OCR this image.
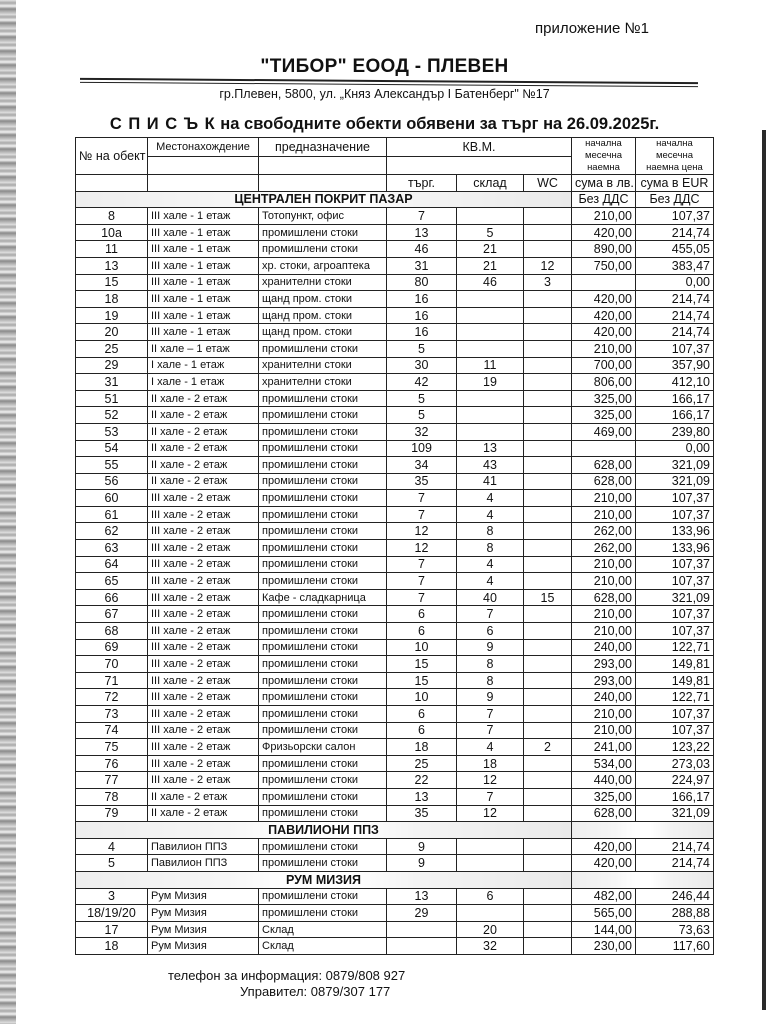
приложение №1
"ТИБОР" ЕООД - ПЛЕВЕН
гр.Плевен, 5800, ул. „Княз Александър I Батенберг" №17
С П И С Ъ К на свободните обекти обявени за търг на 26.09.2025г.
№ на обект	Местонахождение	предназначение	КВ.М.			начална месечна наемна	начална месечна наемна цена

			търг.	склад	WC	сума в лв.	сума в EUR
ЦЕНТРАЛЕН ПОКРИТ ПАЗАР						Без ДДС	Без ДДС
8	III хале - 1 етаж	Тотопункт, офис	7			210,00	107,37
10а	III хале - 1 етаж	промишлени стоки	13	5		420,00	214,74
11	III хале - 1 етаж	промишлени стоки	46	21		890,00	455,05
13	III хале - 1 етаж	хр. стоки, агроаптека	31	21	12	750,00	383,47
15	III хале - 1 етаж	хранителни стоки	80	46	3		0,00
18	III хале - 1 етаж	щанд пром. стоки	16			420,00	214,74
19	III хале - 1 етаж	щанд пром. стоки	16			420,00	214,74
20	III хале - 1 етаж	щанд пром. стоки	16			420,00	214,74
25	II хале – 1 етаж	промишлени стоки	5			210,00	107,37
29	I хале - 1 етаж	хранителни стоки	30	11		700,00	357,90
31	I хале - 1 етаж	хранителни стоки	42	19		806,00	412,10
51	II хале - 2 етаж	промишлени стоки	5			325,00	166,17
52	II хале - 2 етаж	промишлени стоки	5			325,00	166,17
53	II хале - 2 етаж	промишлени стоки	32			469,00	239,80
54	II хале - 2 етаж	промишлени стоки	109	13			0,00
55	II хале - 2 етаж	промишлени стоки	34	43		628,00	321,09
56	II хале - 2 етаж	промишлени стоки	35	41		628,00	321,09
60	III хале - 2 етаж	промишлени стоки	7	4		210,00	107,37
61	III хале - 2 етаж	промишлени стоки	7	4		210,00	107,37
62	III хале - 2 етаж	промишлени стоки	12	8		262,00	133,96
63	III хале - 2 етаж	промишлени стоки	12	8		262,00	133,96
64	III хале - 2 етаж	промишлени стоки	7	4		210,00	107,37
65	III хале - 2 етаж	промишлени стоки	7	4		210,00	107,37
66	III хале - 2 етаж	Кафе - сладкарница	7	40	15	628,00	321,09
67	III хале - 2 етаж	промишлени стоки	6	7		210,00	107,37
68	III хале - 2 етаж	промишлени стоки	6	6		210,00	107,37
69	III хале - 2 етаж	промишлени стоки	10	9		240,00	122,71
70	III хале - 2 етаж	промишлени стоки	15	8		293,00	149,81
71	III хале - 2 етаж	промишлени стоки	15	8		293,00	149,81
72	III хале - 2 етаж	промишлени стоки	10	9		240,00	122,71
73	III хале - 2 етаж	промишлени стоки	6	7		210,00	107,37
74	III хале - 2 етаж	промишлени стоки	6	7		210,00	107,37
75	III хале - 2 етаж	Фризьорски салон	18	4	2	241,00	123,22
76	III хале - 2 етаж	промишлени стоки	25	18		534,00	273,03
77	III хале - 2 етаж	промишлени стоки	22	12		440,00	224,97
78	II хале - 2 етаж	промишлени стоки	13	7		325,00	166,17
79	II хале - 2 етаж	промишлени стоки	35	12		628,00	321,09
ПАВИЛИОНИ ППЗ							
4	Павилион ППЗ	промишлени стоки	9			420,00	214,74
5	Павилион ППЗ	промишлени стоки	9			420,00	214,74
РУМ МИЗИЯ							
3	Рум Мизия	промишлени стоки	13	6		482,00	246,44
18/19/20	Рум Мизия	промишлени стоки	29			565,00	288,88
17	Рум Мизия	Склад		20		144,00	73,63
18	Рум Мизия	Склад		32		230,00	117,60
телефон за информация: 0879/808 927
Управител: 0879/307 177
